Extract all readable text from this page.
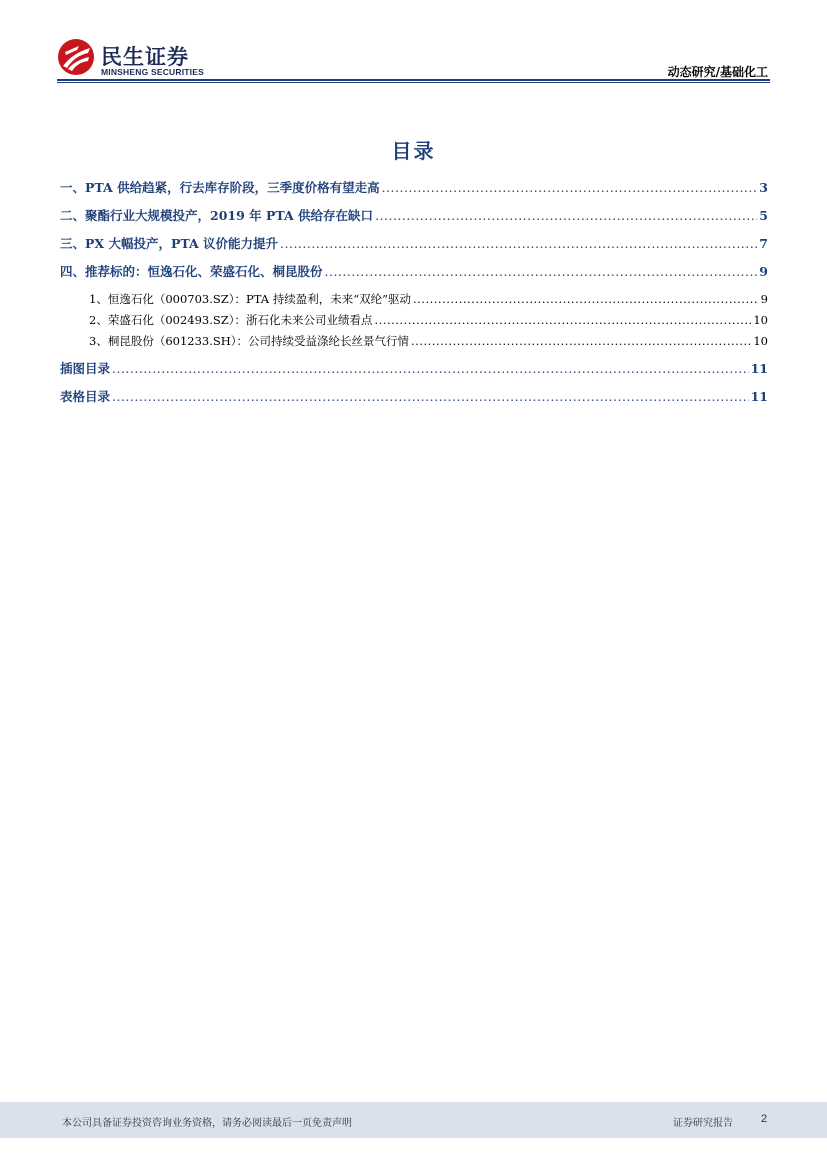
民生证券
MINSHENG SECURITIES	动态研究/基础化工
目录
一、PTA 供给趋紧，行去库存阶段，三季度价格有望走高 .....	3
二、聚酯行业大规模投产，2019 年 PTA 供给存在缺口 .....	5
三、PX 大幅投产，PTA 议价能力提升 .....	7
四、推荐标的：恒逸石化、荣盛石化、桐昆股份 .....	9
1、恒逸石化（000703.SZ）：PTA 持续盈利，未来“双纶”驱动 .....	9
2、荣盛石化（002493.SZ）：浙石化未来公司业绩看点 .....	10
3、桐昆股份（601233.SH）：公司持续受益涤纶长丝景气行情 .....	10
插图目录 .....	11
表格目录 .....	11
本公司具备证券投资咨询业务资格，请务必阅读最后一页免责声明	证券研究报告	2
